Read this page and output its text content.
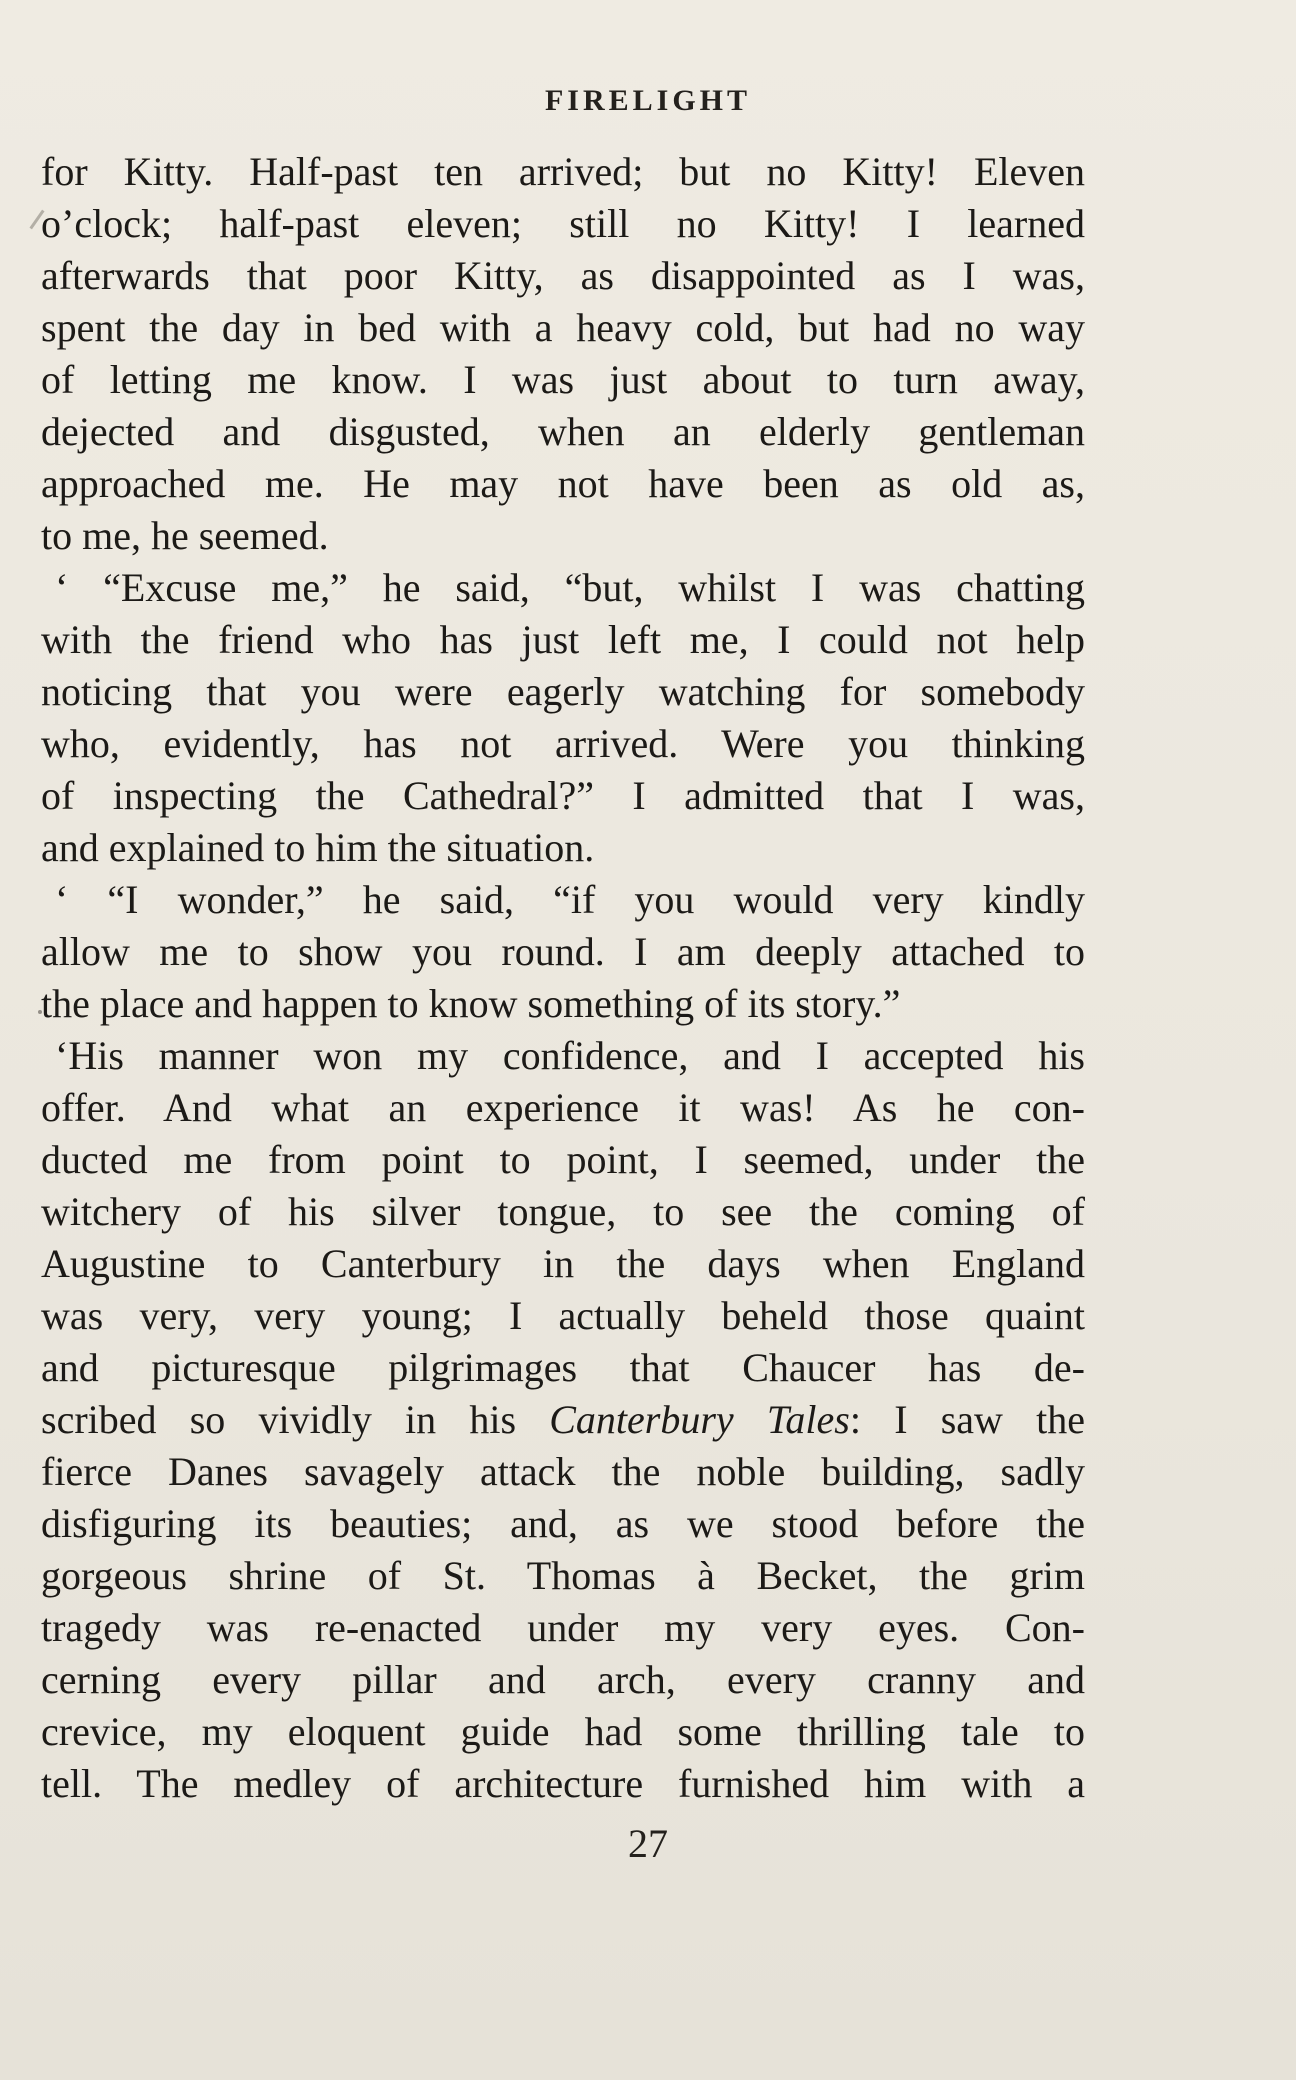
FIRELIGHT
for Kitty. Half-past ten arrived; but no Kitty! Eleven
o’clock; half-past eleven; still no Kitty! I learned
afterwards that poor Kitty, as disappointed as I was,
spent the day in bed with a heavy cold, but had no way
of letting me know. I was just about to turn away,
dejected and disgusted, when an elderly gentleman
approached me. He may not have been as old as,
to me, he seemed.
‘ “Excuse me,” he said, “but, whilst I was chatting
with the friend who has just left me, I could not help
noticing that you were eagerly watching for somebody
who, evidently, has not arrived. Were you thinking
of inspecting the Cathedral?” I admitted that I was,
and explained to him the situation.
‘ “I wonder,” he said, “if you would very kindly
allow me to show you round. I am deeply attached to
the place and happen to know something of its story.”
‘His manner won my confidence, and I accepted his
offer. And what an experience it was! As he con-
ducted me from point to point, I seemed, under the
witchery of his silver tongue, to see the coming of
Augustine to Canterbury in the days when England
was very, very young; I actually beheld those quaint
and picturesque pilgrimages that Chaucer has de-
scribed so vividly in his Canterbury Tales: I saw the
fierce Danes savagely attack the noble building, sadly
disfiguring its beauties; and, as we stood before the
gorgeous shrine of St. Thomas à Becket, the grim
tragedy was re-enacted under my very eyes. Con-
cerning every pillar and arch, every cranny and
crevice, my eloquent guide had some thrilling tale to
tell. The medley of architecture furnished him with a
27
